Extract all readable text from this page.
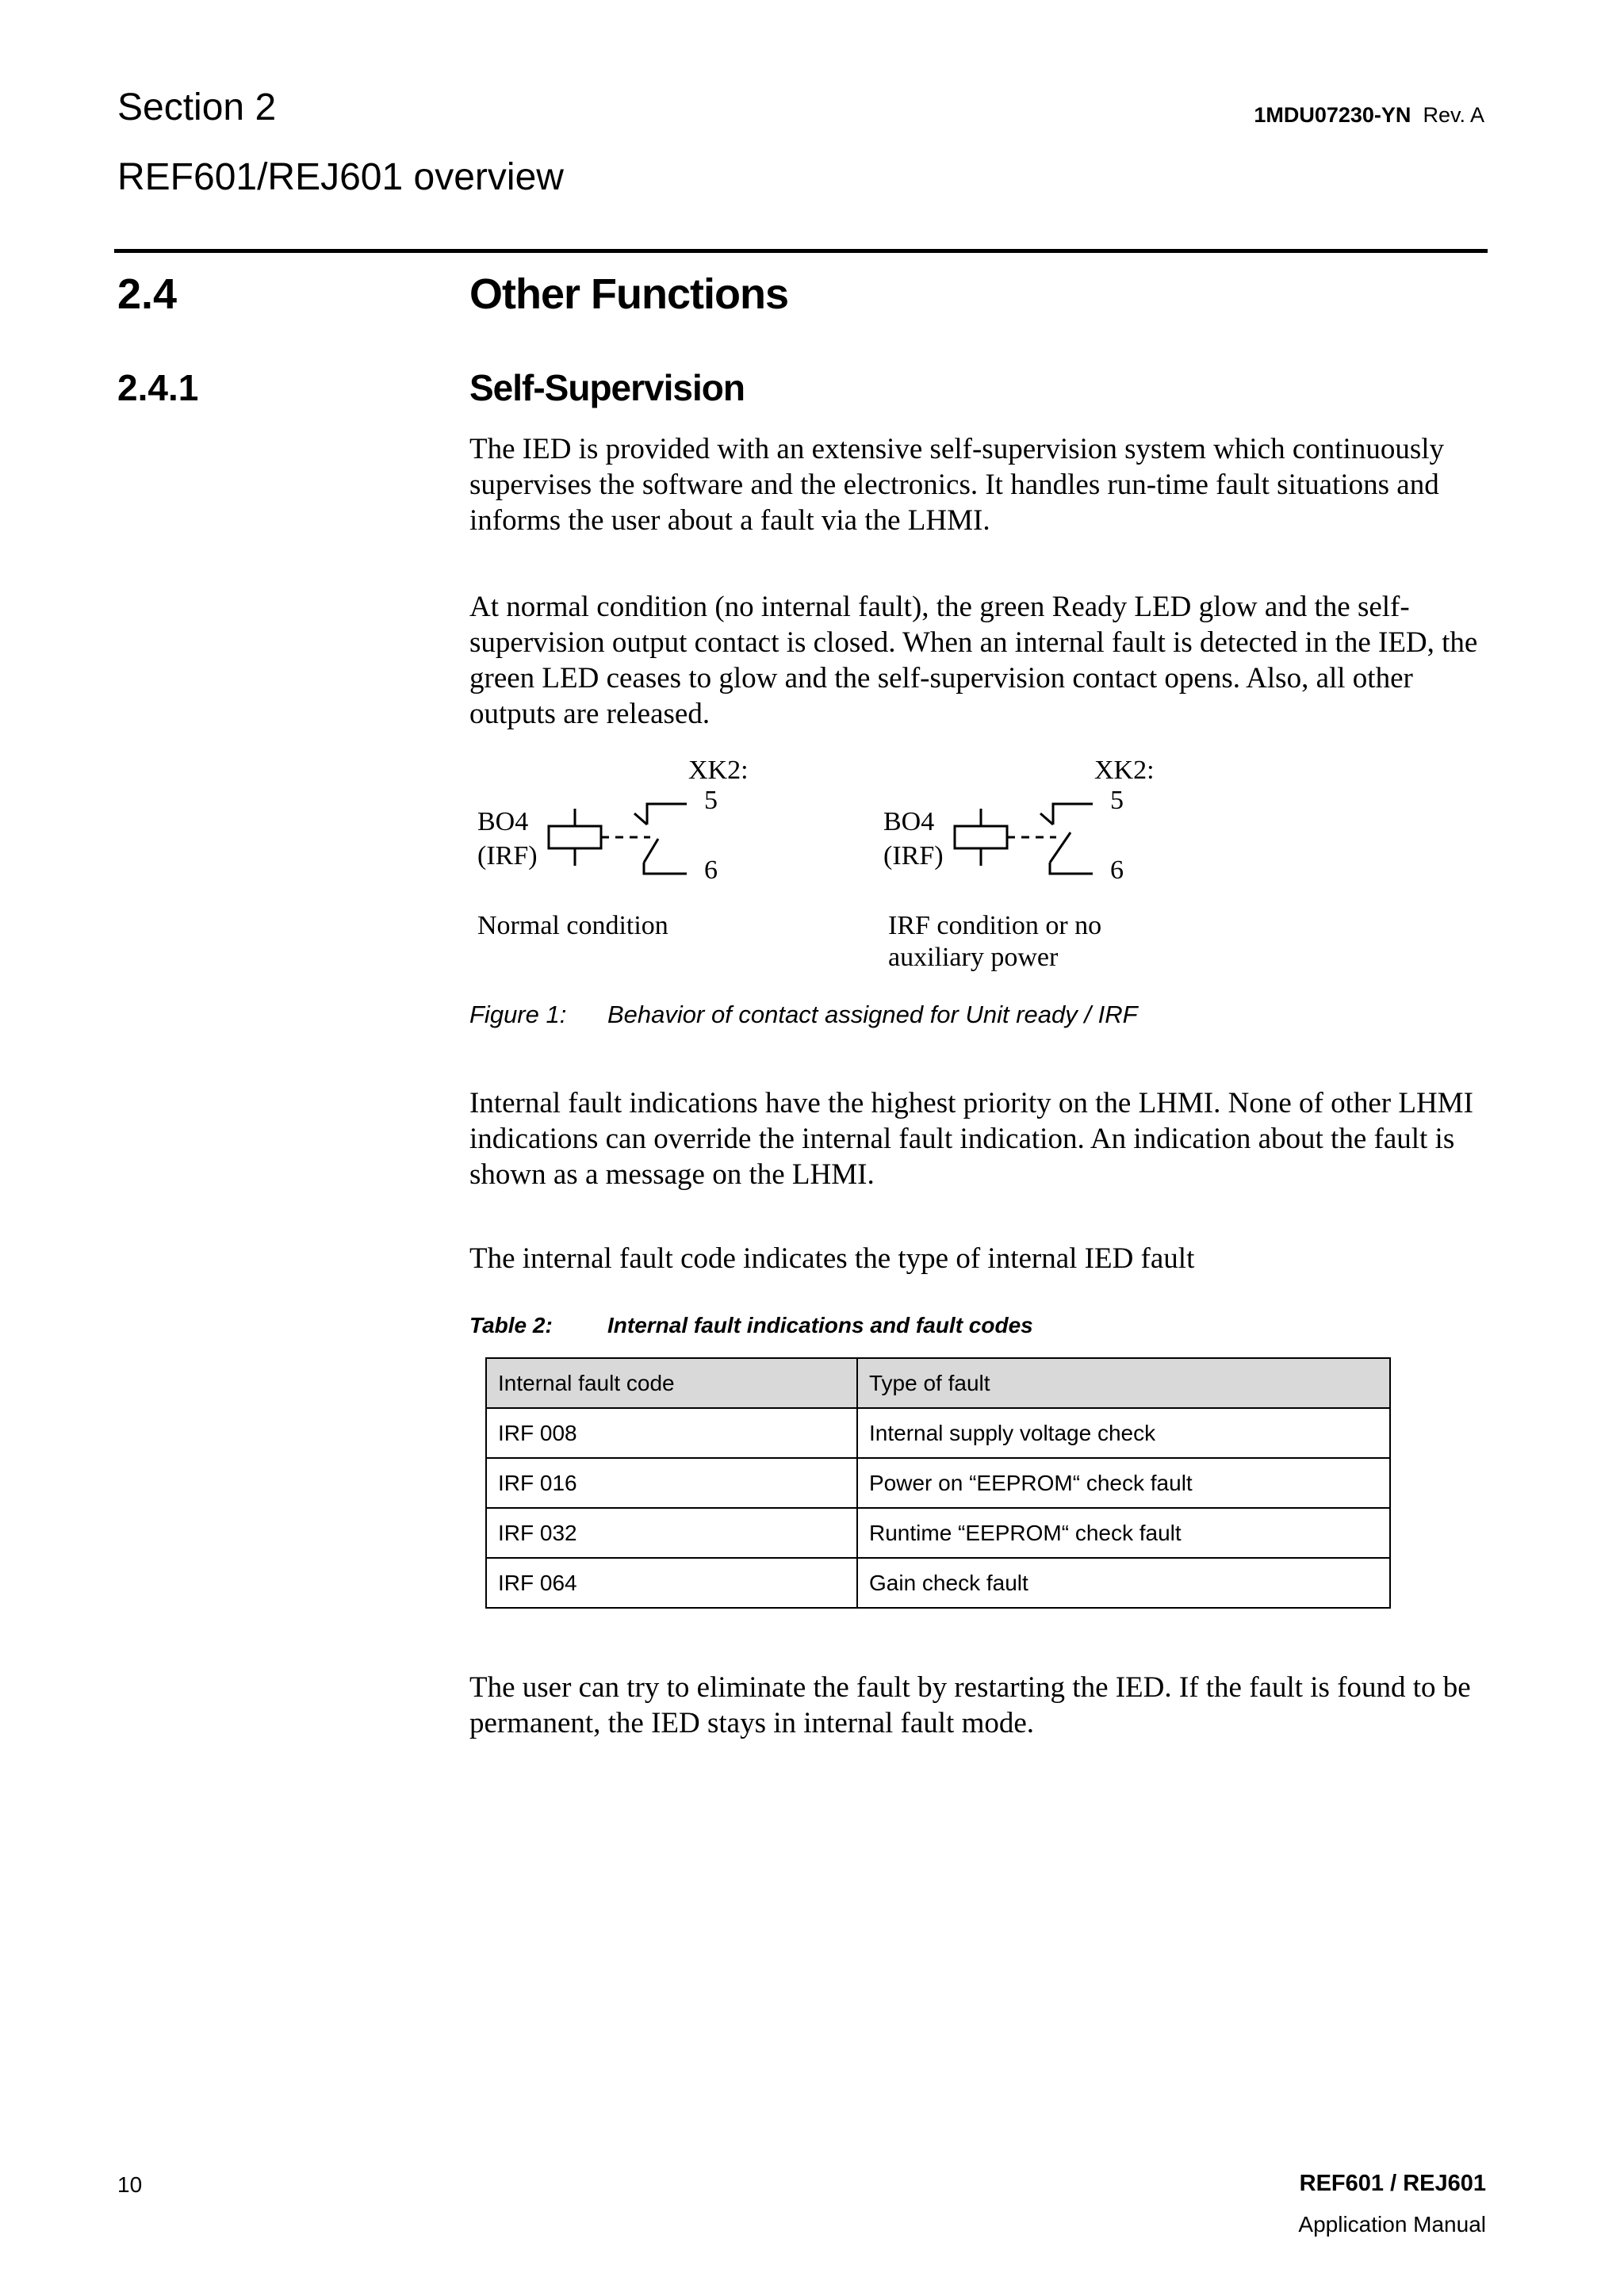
Section 2
REF601/REJ601 overview
1MDU07230-YN Rev. A
2.4	Other Functions
2.4.1	Self-Supervision

The IED is provided with an extensive self-supervision system which continuously supervises the software and the electronics. It handles run-time fault situations and informs the user about a fault via the LHMI.

At normal condition (no internal fault), the green Ready LED glow and the self-supervision output contact is closed. When an internal fault is detected in the IED, the green LED ceases to glow and the self-supervision contact opens. Also, all other outputs are released.

XK2:
5
6
BO4
(IRF)
Normal condition
XK2:
5
6
BO4
(IRF)
IRF condition or no
auxiliary power
Figure 1: Behavior of contact assigned for Unit ready / IRF

Internal fault indications have the highest priority on the LHMI. None of other LHMI indications can override the internal fault indication. An indication about the fault is shown as a message on the LHMI.

The internal fault code indicates the type of internal IED fault

Table 2: Internal fault indications and fault codes
Internal fault code	Type of fault
IRF 008	Internal supply voltage check
IRF 016	Power on “EEPROM“ check fault
IRF 032	Runtime “EEPROM“ check fault
IRF 064	Gain check fault

The user can try to eliminate the fault by restarting the IED. If the fault is found to be permanent, the IED stays in internal fault mode.

10	REF601 / REJ601
Application Manual
